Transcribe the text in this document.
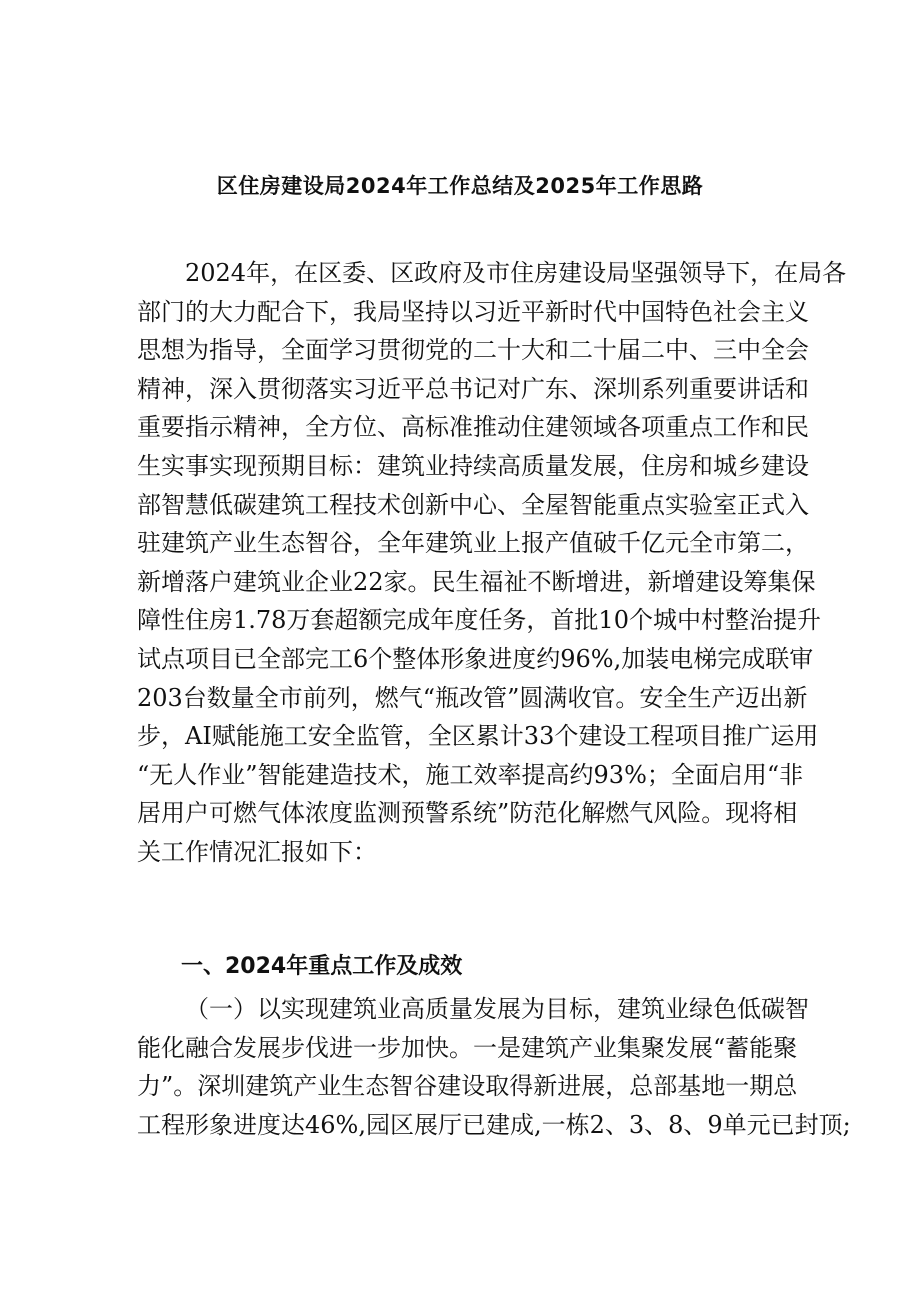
区住房建设局2024年工作总结及2025年工作思路
2024年，在区委、区政府及市住房建设局坚强领导下，在局各
部门的大力配合下，我局坚持以习近平新时代中国特色社会主义
思想为指导，全面学习贯彻党的二十大和二十届二中、三中全会
精神，深入贯彻落实习近平总书记对广东、深圳系列重要讲话和
重要指示精神，全方位、高标准推动住建领域各项重点工作和民
生实事实现预期目标：建筑业持续高质量发展，住房和城乡建设
部智慧低碳建筑工程技术创新中心、全屋智能重点实验室正式入
驻建筑产业生态智谷，全年建筑业上报产值破千亿元全市第二，
新增落户建筑业企业22家。民生福祉不断增进，新增建设筹集保
障性住房1.78万套超额完成年度任务，首批10个城中村整治提升
试点项目已全部完工6个整体形象进度约96%,加装电梯完成联审
203台数量全市前列，燃气“瓶改管”圆满收官。安全生产迈出新
步，AI赋能施工安全监管，全区累计33个建设工程项目推广运用
“无人作业”智能建造技术，施工效率提高约93%；全面启用“非
居用户可燃气体浓度监测预警系统”防范化解燃气风险。现将相
关工作情况汇报如下：
一、2024年重点工作及成效
（一）以实现建筑业高质量发展为目标，建筑业绿色低碳智
能化融合发展步伐进一步加快。一是建筑产业集聚发展“蓄能聚
力”。深圳建筑产业生态智谷建设取得新进展，总部基地一期总
工程形象进度达46%,园区展厅已建成,一栋2、3、8、9单元已封顶;
